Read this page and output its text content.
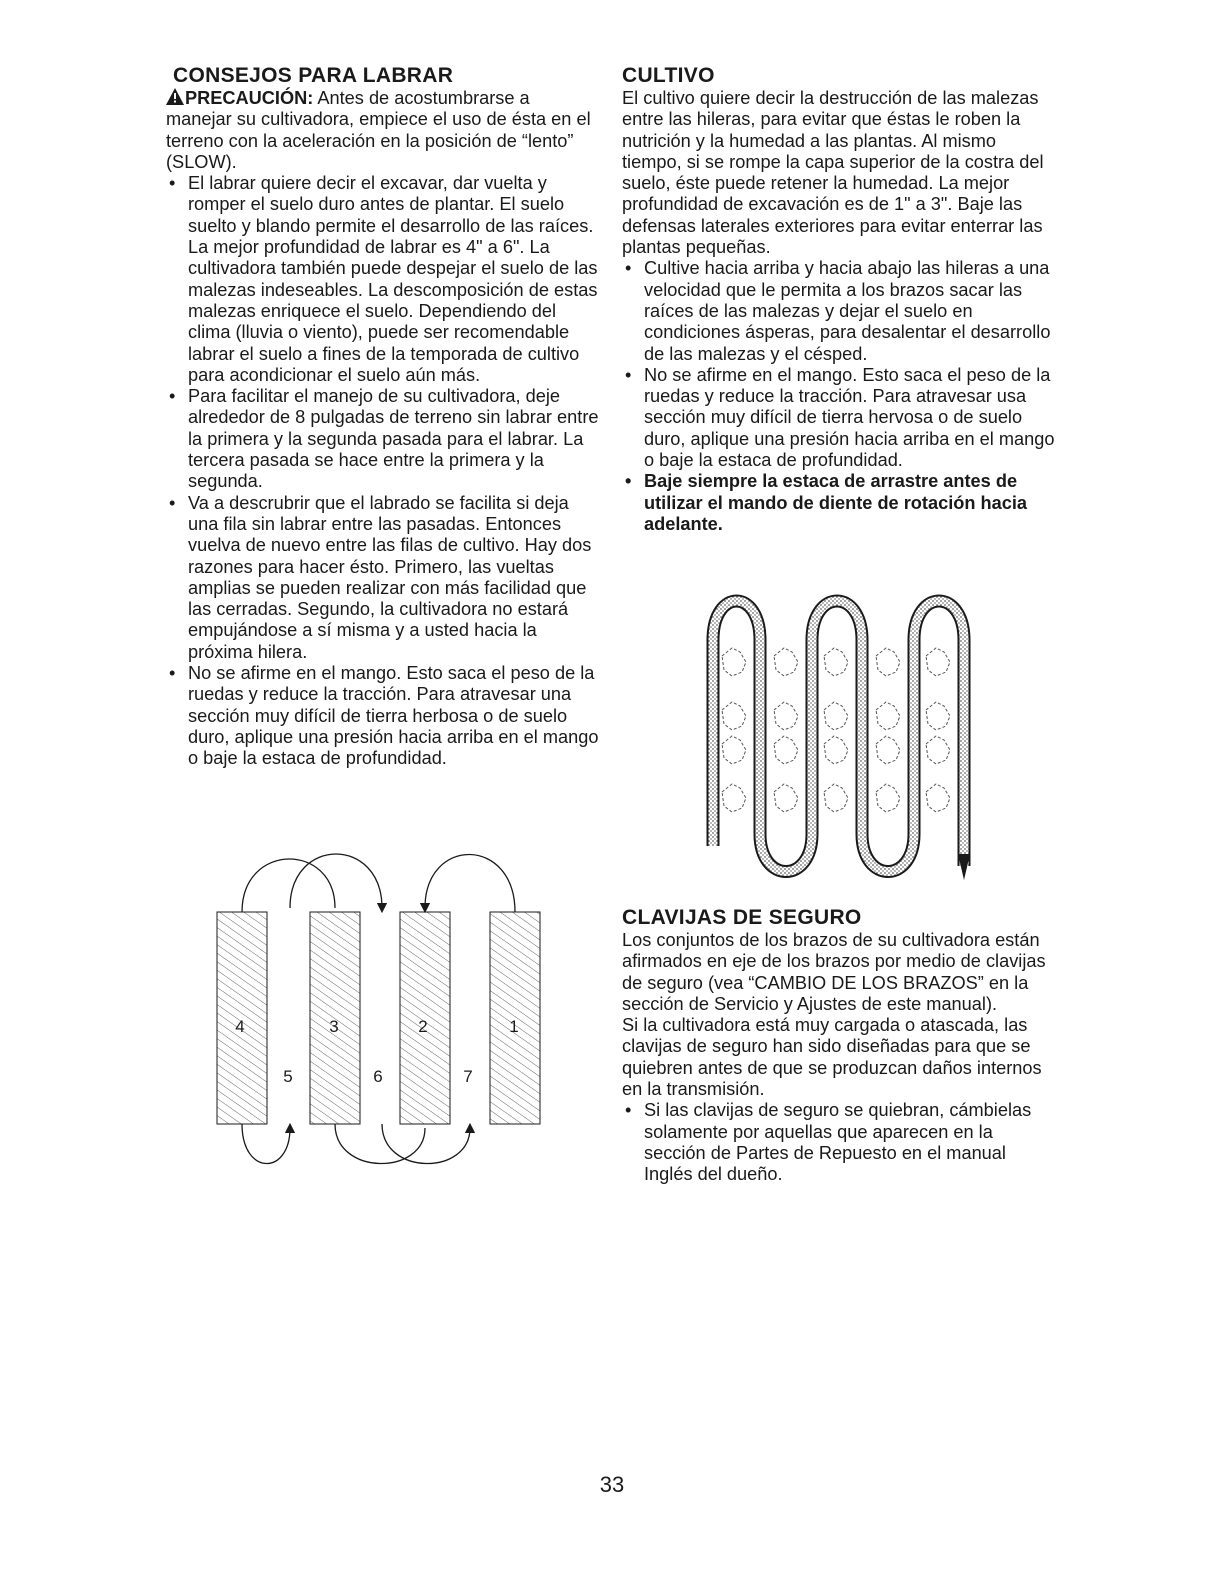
CONSEJOS PARA LABRAR

PRECAUCIÓN: Antes de acostumbrarse a manejar su cultivadora, empiece el uso de ésta en el terreno con la aceleración en la posición de “lento” (SLOW).

• El labrar quiere decir el excavar, dar vuelta y romper el suelo duro antes de plantar. El suelo suelto y blando permite el desarrollo de las raíces. La mejor profundidad de labrar es 4" a 6". La cultivadora también puede despejar el suelo de las malezas indeseables. La descomposición de estas malezas enriquece el suelo. Dependiendo del clima (lluvia o viento), puede ser recomendable labrar el suelo a fines de la temporada de cultivo para acondicionar el suelo aún más.
• Para facilitar el manejo de su cultivadora, deje alrededor de 8 pulgadas de terreno sin labrar entre la primera y la segunda pasada para el labrar. La tercera pasada se hace entre la primera y la segunda.
• Va a descrubrir que el labrado se facilita si deja una fila sin labrar entre las pasadas. Entonces vuelva de nuevo entre las filas de cultivo. Hay dos razones para hacer ésto. Primero, las vueltas amplias se pueden realizar con más facilidad que las cerradas. Segundo, la cultivadora no estará empujándose a sí misma y a usted hacia la próxima hilera.
• No se afirme en el mango. Esto saca el peso de la ruedas y reduce la tracción. Para atravesar una sección muy difícil de tierra herbosa o de suelo duro, aplique una presión hacia arriba en el mango o baje la estaca de profundidad.
4	3	2	1
5	6	7
CULTIVO

El cultivo quiere decir la destrucción de las malezas entre las hileras, para evitar que éstas le roben la nutrición y la humedad a las plantas. Al mismo tiempo, si se rompe la capa superior de la costra del suelo, éste puede retener la humedad. La mejor profundidad de excavación es de 1" a 3". Baje las defensas laterales exteriores para evitar enterrar las plantas pequeñas.

• Cultive hacia arriba y hacia abajo las hileras a una velocidad que le permita a los brazos sacar las raíces de las malezas y dejar el suelo en condiciones ásperas, para desalentar el desarrollo de las malezas y el césped.
• No se afirme en el mango. Esto saca el peso de la ruedas y reduce la tracción. Para atravesar usa sección muy difícil de tierra hervosa o de suelo duro, aplique una presión hacia arriba en el mango o baje la estaca de profundidad.
• Baje siempre la estaca de arrastre antes de utilizar el mando de diente de rotación hacia adelante.
CLAVIJAS DE SEGURO

Los conjuntos de los brazos de su cultivadora están afirmados en eje de los brazos por medio de clavijas de seguro (vea “CAMBIO DE LOS BRAZOS” en la sección de Servicio y Ajustes de este manual).

Si la cultivadora está muy cargada o atascada, las clavijas de seguro han sido diseñadas para que se quiebren antes de que se produzcan daños internos en la transmisión.

• Si las clavijas de seguro se quiebran, cámbielas solamente por aquellas que aparecen en la sección de Partes de Repuesto en el manual Inglés del dueño.
33
